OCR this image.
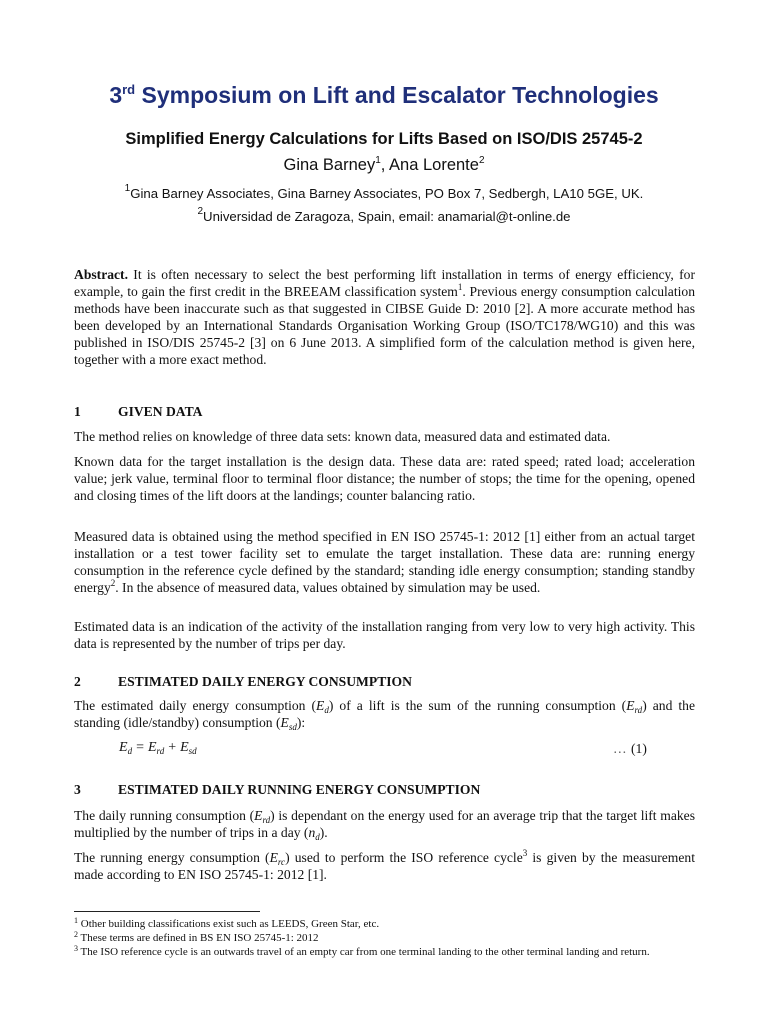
3rd Symposium on Lift and Escalator Technologies
Simplified Energy Calculations for Lifts Based on ISO/DIS 25745-2
Gina Barney$^1$, Ana Lorente$^2$
$^1$Gina Barney Associates, Gina Barney Associates, PO Box 7, Sedbergh, LA10 5GE, UK.
$^2$Universidad de Zaragoza, Spain, email: anamarial@t-online.de
Abstract. It is often necessary to select the best performing lift installation in terms of energy efficiency, for example, to gain the first credit in the BREEAM classification system$^1$. Previous energy consumption calculation methods have been inaccurate such as that suggested in CIBSE Guide D: 2010 [2]. A more accurate method has been developed by an International Standards Organisation Working Group (ISO/TC178/WG10) and this was published in ISO/DIS 25745-2 [3] on 6 June 2013. A simplified form of the calculation method is given here, together with a more exact method.
1	GIVEN DATA
The method relies on knowledge of three data sets: known data, measured data and estimated data.
Known data for the target installation is the design data. These data are: rated speed; rated load; acceleration value; jerk value, terminal floor to terminal floor distance; the number of stops; the time for the opening, opened and closing times of the lift doors at the landings; counter balancing ratio.
Measured data is obtained using the method specified in EN ISO 25745-1: 2012 [1] either from an actual target installation or a test tower facility set to emulate the target installation. These data are: running energy consumption in the reference cycle defined by the standard; standing idle energy consumption; standing standby energy$^2$. In the absence of measured data, values obtained by simulation may be used.
Estimated data is an indication of the activity of the installation ranging from very low to very high activity. This data is represented by the number of trips per day.
2	ESTIMATED DAILY ENERGY CONSUMPTION
The estimated daily energy consumption $(E_d)$ of a lift is the sum of the running consumption $(E_{rd})$ and the standing (idle/standby) consumption $(E_{sd})$:
$E_d = E_{rd} + E_{sd}$	… (1)
3	ESTIMATED DAILY RUNNING ENERGY CONSUMPTION
The daily running consumption $(E_{rd})$ is dependant on the energy used for an average trip that the target lift makes multiplied by the number of trips in a day $(n_d)$.
The running energy consumption $(E_{rc})$ used to perform the ISO reference cycle$^3$ is given by the measurement made according to EN ISO 25745-1: 2012 [1].
$^1$ Other building classifications exist such as LEEDS, Green Star, etc.
$^2$ These terms are defined in BS EN ISO 25745-1: 2012
$^3$ The ISO reference cycle is an outwards travel of an empty car from one terminal landing to the other terminal landing and return.
